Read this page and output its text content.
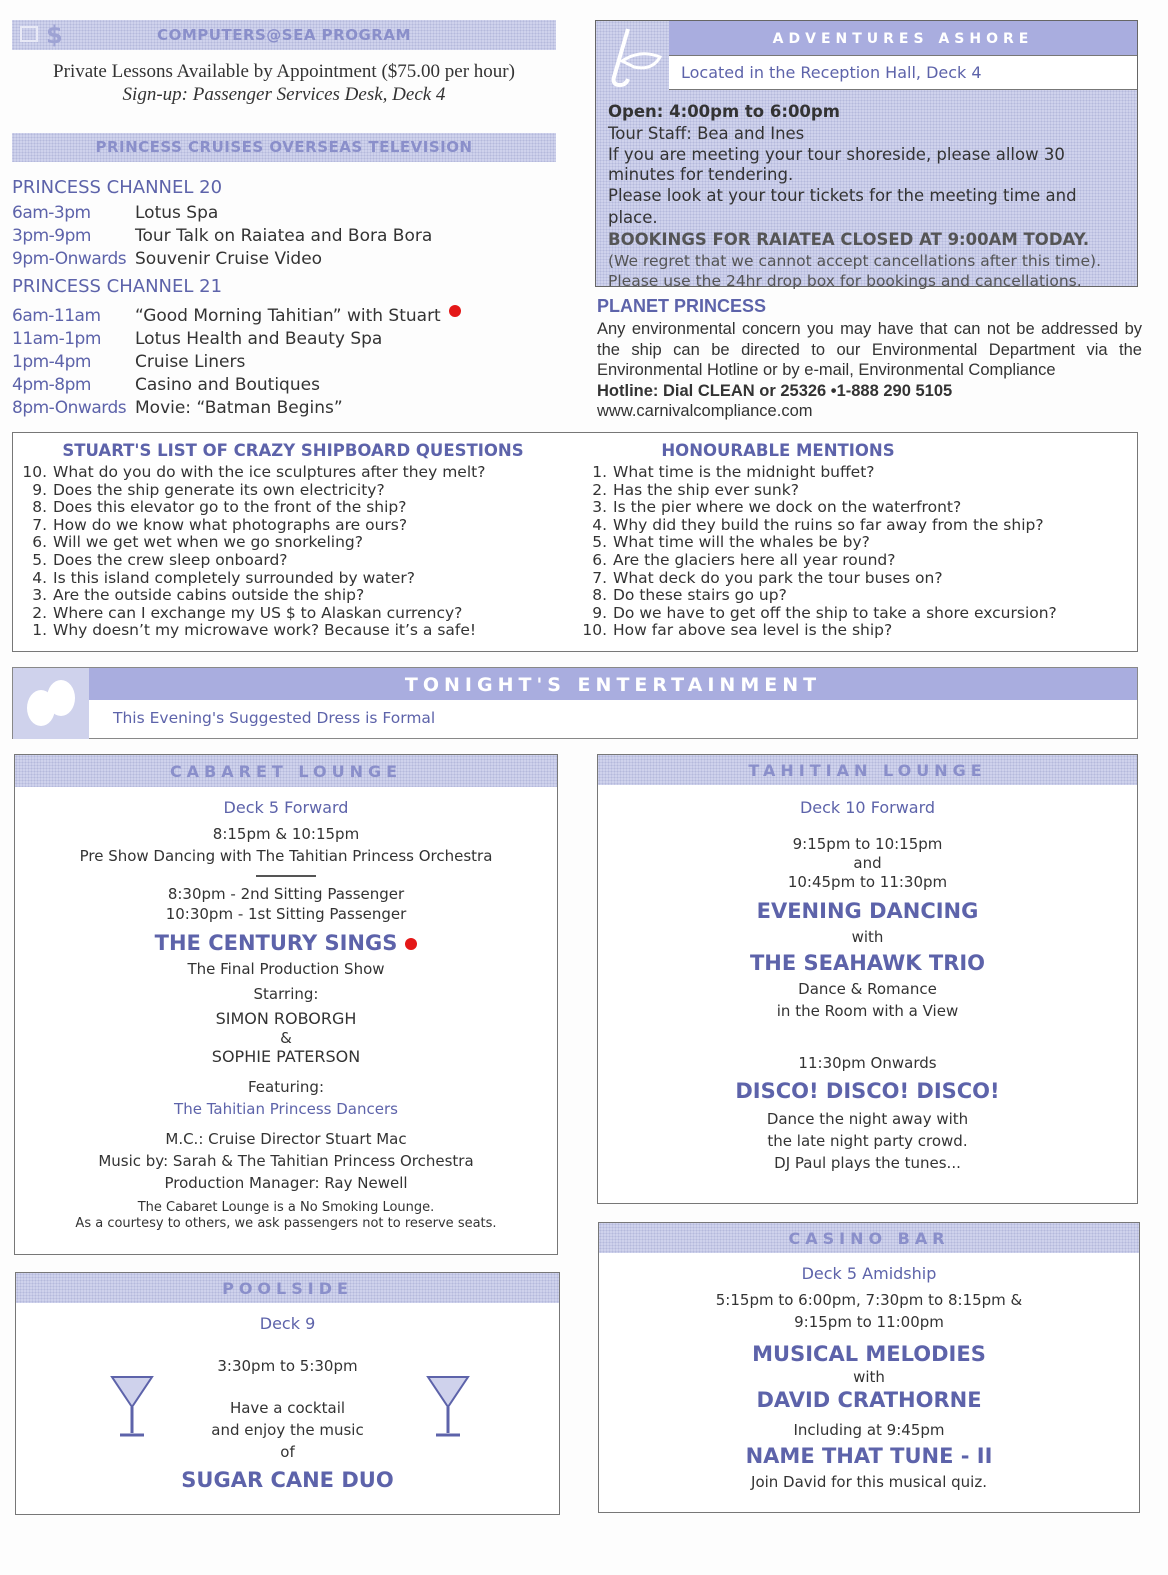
$	COMPUTERS@SEA PROGRAM
Private Lessons Available by Appointment ($75.00 per hour)
Sign-up: Passenger Services Desk, Deck 4
PRINCESS CRUISES OVERSEAS TELEVISION
PRINCESS CHANNEL 20
6am-3pm	Lotus Spa
3pm-9pm	Tour Talk on Raiatea and Bora Bora
9pm-Onwards Souvenir Cruise Video
PRINCESS CHANNEL 21
6am-11am	“Good Morning Tahitian” with Stuart
11am-1pm	Lotus Health and Beauty Spa
1pm-4pm	Cruise Liners
4pm-8pm	Casino and Boutiques
8pm-Onwards Movie: “Batman Begins”
ADVENTURES ASHORE
Located in the Reception Hall, Deck 4
Open: 4:00pm to 6:00pm
Tour Staff: Bea and Ines
If you are meeting your tour shoreside, please allow 30 minutes for tendering.
Please look at your tour tickets for the meeting time and place.
BOOKINGS FOR RAIATEA CLOSED AT 9:00AM TODAY.
(We regret that we cannot accept cancellations after this time).
Please use the 24hr drop box for bookings and cancellations.
PLANET PRINCESS
Any environmental concern you may have that can not be addressed by the ship can be directed to our Environmental Department via the Environmental Hotline or by e-mail, Environmental Compliance
Hotline: Dial CLEAN or 25326 •1-888 290 5105
www.carnivalcompliance.com
STUART'S LIST OF CRAZY SHIPBOARD QUESTIONS
10. What do you do with the ice sculptures after they melt?
9. Does the ship generate its own electricity?
8. Does this elevator go to the front of the ship?
7. How do we know what photographs are ours?
6. Will we get wet when we go snorkeling?
5. Does the crew sleep onboard?
4. Is this island completely surrounded by water?
3. Are the outside cabins outside the ship?
2. Where can I exchange my US $ to Alaskan currency?
1. Why doesn’t my microwave work? Because it’s a safe!
HONOURABLE MENTIONS
1. What time is the midnight buffet?
2. Has the ship ever sunk?
3. Is the pier where we dock on the waterfront?
4. Why did they build the ruins so far away from the ship?
5. What time will the whales be by?
6. Are the glaciers here all year round?
7. What deck do you park the tour buses on?
8. Do these stairs go up?
9. Do we have to get off the ship to take a shore excursion?
10. How far above sea level is the ship?
TONIGHT'S ENTERTAINMENT
This Evening's Suggested Dress is Formal
CABARET LOUNGE
Deck 5 Forward
8:15pm & 10:15pm
Pre Show Dancing with The Tahitian Princess Orchestra
8:30pm - 2nd Sitting Passenger
10:30pm - 1st Sitting Passenger
THE CENTURY SINGS
The Final Production Show
Starring:
SIMON ROBORGH
&
SOPHIE PATERSON
Featuring:
The Tahitian Princess Dancers
M.C.: Cruise Director Stuart Mac
Music by: Sarah & The Tahitian Princess Orchestra
Production Manager: Ray Newell
The Cabaret Lounge is a No Smoking Lounge.
As a courtesy to others, we ask passengers not to reserve seats.
TAHITIAN LOUNGE
Deck 10 Forward
9:15pm to 10:15pm
and
10:45pm to 11:30pm
EVENING DANCING
with
THE SEAHAWK TRIO
Dance & Romance
in the Room with a View
11:30pm Onwards
DISCO! DISCO! DISCO!
Dance the night away with
the late night party crowd.
DJ Paul plays the tunes...
POOLSIDE
Deck 9
3:30pm to 5:30pm
Have a cocktail
and enjoy the music
of
SUGAR CANE DUO
CASINO BAR
Deck 5 Amidship
5:15pm to 6:00pm, 7:30pm to 8:15pm &
9:15pm to 11:00pm
MUSICAL MELODIES
with
DAVID CRATHORNE
Including at 9:45pm
NAME THAT TUNE - II
Join David for this musical quiz.
